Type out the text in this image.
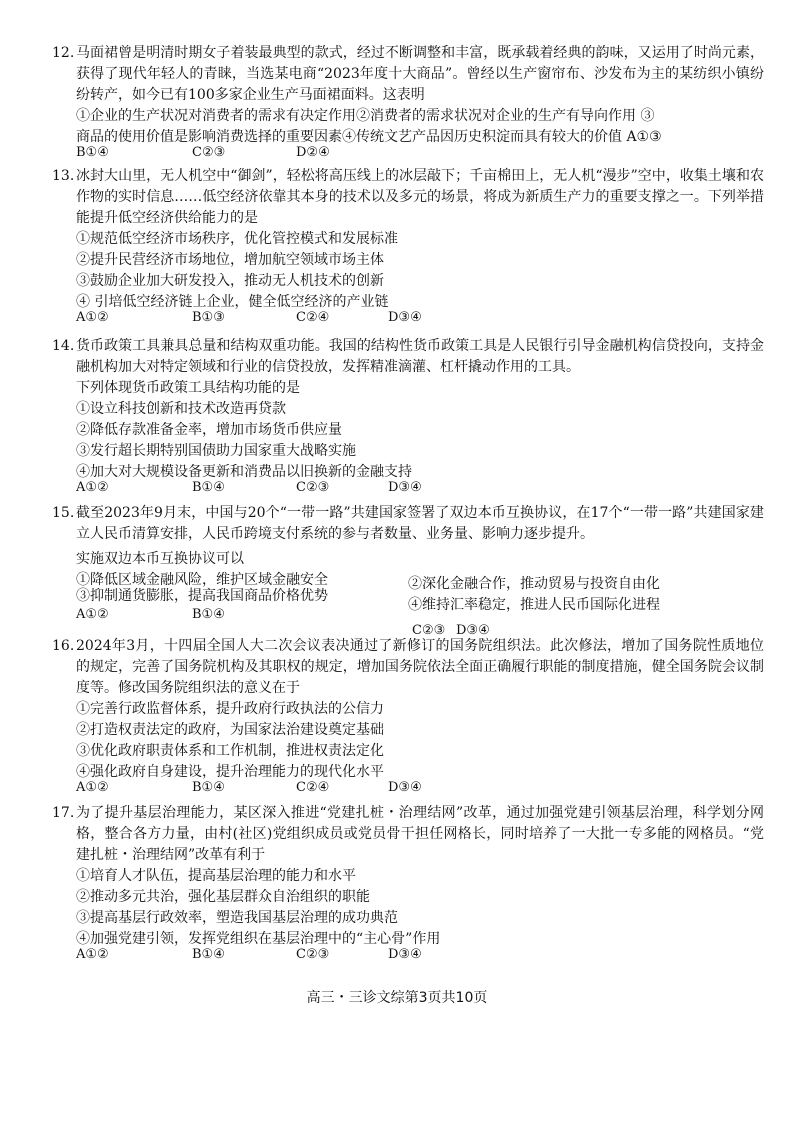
12. 马面裙曾是明清时期女子着装最典型的款式，经过不断调整和丰富，既承载着经典的韵味，又运用了时尚元素，获得了现代年轻人的青睐，当选某电商“2023年度十大商品”。曾经以生产窗帘布、沙发布为主的某纺织小镇纷纷转产，如今已有100多家企业生产马面裙面料。这表明
①企业的生产状况对消费者的需求有决定作用②消费者的需求状况对企业的生产有导向作用 ③
商品的使用价值是影响消费选择的重要因素④传统文艺产品因历史积淀而具有较大的价值 A①③
B①④	C②③	D②④
13. 冰封大山里，无人机空中“御剑”，轻松将高压线上的冰层敲下；千亩棉田上，无人机“漫步”空中，收集土壤和农作物的实时信息……低空经济依靠其本身的技术以及多元的场景，将成为新质生产力的重要支撑之一。下列举措能提升低空经济供给能力的是
①规范低空经济市场秩序，优化管控模式和发展标准
②提升民营经济市场地位，增加航空领域市场主体
③鼓励企业加大研发投入，推动无人机技术的创新
④ 引培低空经济链上企业，健全低空经济的产业链
A①②	B①③	C②④	D③④
14. 货币政策工具兼具总量和结构双重功能。我国的结构性货币政策工具是人民银行引导金融机构信贷投向，支持金融机构加大对特定领域和行业的信贷投放，发挥精准滴灌、杠杆撬动作用的工具。
下列体现货币政策工具结构功能的是
①设立科技创新和技术改造再贷款
②降低存款准备金率，增加市场货币供应量
③发行超长期特别国债助力国家重大战略实施
④加大对大规模设备更新和消费品以旧换新的金融支持
A①②	B①④	C②③	D③④
15. 截至2023年9月末，中国与20个“一带一路”共建国家签署了双边本币互换协议，在17个“一带一路”共建国家建立人民币清算安排，人民币跨境支付系统的参与者数量、业务量、影响力逐步提升。
实施双边本币互换协议可以
①降低区域金融风险，维护区域金融安全
③抑制通货膨胀，提高我国商品价格优势
②深化金融合作，推动贸易与投资自由化
④维持汇率稳定，推进人民币国际化进程
A①②	B①④
C②③ D③④
16. 2024年3月，十四届全国人大二次会议表决通过了新修订的国务院组织法。此次修法，增加了国务院性质地位的规定，完善了国务院机构及其职权的规定，增加国务院依法全面正确履行职能的制度措施，健全国务院会议制度等。修改国务院组织法的意义在于
①完善行政监督体系，提升政府行政执法的公信力
②打造权责法定的政府，为国家法治建设奠定基础
③优化政府职责体系和工作机制，推进权责法定化
④强化政府自身建设，提升治理能力的现代化水平
A①②	B①④	C②④	D③④
17. 为了提升基层治理能力，某区深入推进“党建扎桩・治理结网”改革，通过加强党建引领基层治理，科学划分网格，整合各方力量，由村(社区)党组织成员或党员骨干担任网格长，同时培养了一大批一专多能的网格员。“党建扎桩・治理结网”改革有利于
①培育人才队伍，提高基层治理的能力和水平
②推动多元共治，强化基层群众自治组织的职能
③提高基层行政效率，塑造我国基层治理的成功典范
④加强党建引领，发挥党组织在基层治理中的“主心骨”作用
A①②	B①④	C②③	D③④
高三・三诊文综第3页共10页
